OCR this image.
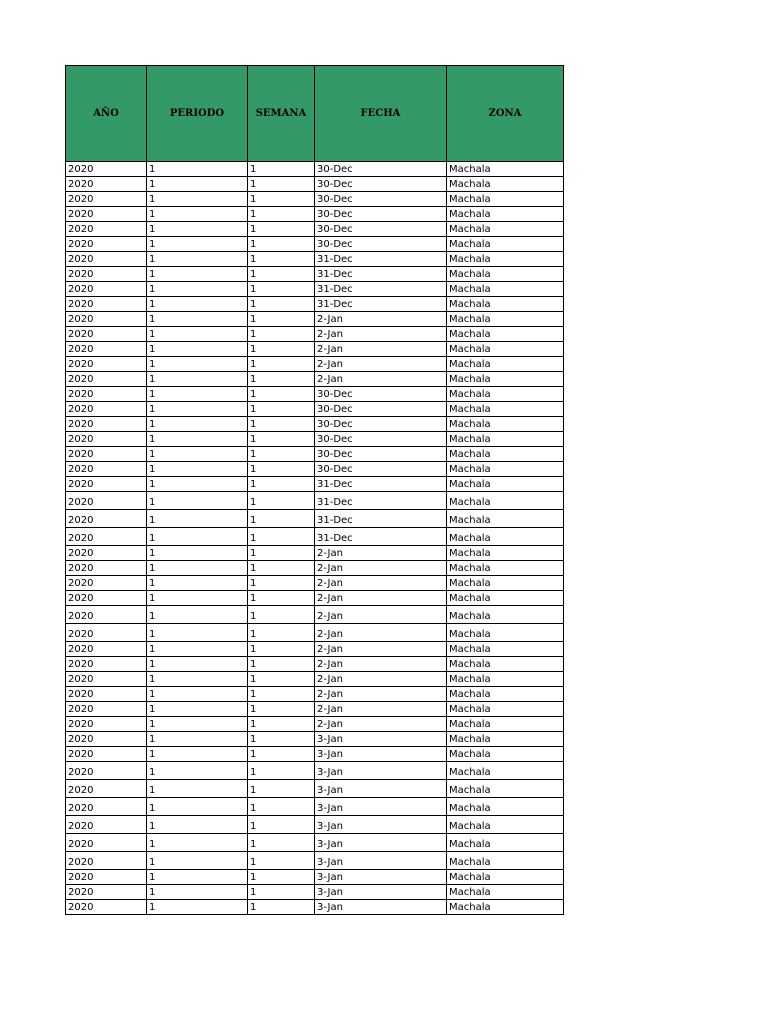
AÑO	PERIODO	SEMANA	FECHA	ZONA
2020	1	1	30-Dec	Machala
2020	1	1	30-Dec	Machala
2020	1	1	30-Dec	Machala
2020	1	1	30-Dec	Machala
2020	1	1	30-Dec	Machala
2020	1	1	30-Dec	Machala
2020	1	1	31-Dec	Machala
2020	1	1	31-Dec	Machala
2020	1	1	31-Dec	Machala
2020	1	1	31-Dec	Machala
2020	1	1	2-Jan	Machala
2020	1	1	2-Jan	Machala
2020	1	1	2-Jan	Machala
2020	1	1	2-Jan	Machala
2020	1	1	2-Jan	Machala
2020	1	1	30-Dec	Machala
2020	1	1	30-Dec	Machala
2020	1	1	30-Dec	Machala
2020	1	1	30-Dec	Machala
2020	1	1	30-Dec	Machala
2020	1	1	30-Dec	Machala
2020	1	1	31-Dec	Machala
2020	1	1	31-Dec	Machala
2020	1	1	31-Dec	Machala
2020	1	1	31-Dec	Machala
2020	1	1	2-Jan	Machala
2020	1	1	2-Jan	Machala
2020	1	1	2-Jan	Machala
2020	1	1	2-Jan	Machala
2020	1	1	2-Jan	Machala
2020	1	1	2-Jan	Machala
2020	1	1	2-Jan	Machala
2020	1	1	2-Jan	Machala
2020	1	1	2-Jan	Machala
2020	1	1	2-Jan	Machala
2020	1	1	2-Jan	Machala
2020	1	1	2-Jan	Machala
2020	1	1	3-Jan	Machala
2020	1	1	3-Jan	Machala
2020	1	1	3-Jan	Machala
2020	1	1	3-Jan	Machala
2020	1	1	3-Jan	Machala
2020	1	1	3-Jan	Machala
2020	1	1	3-Jan	Machala
2020	1	1	3-Jan	Machala
2020	1	1	3-Jan	Machala
2020	1	1	3-Jan	Machala
2020	1	1	3-Jan	Machala
